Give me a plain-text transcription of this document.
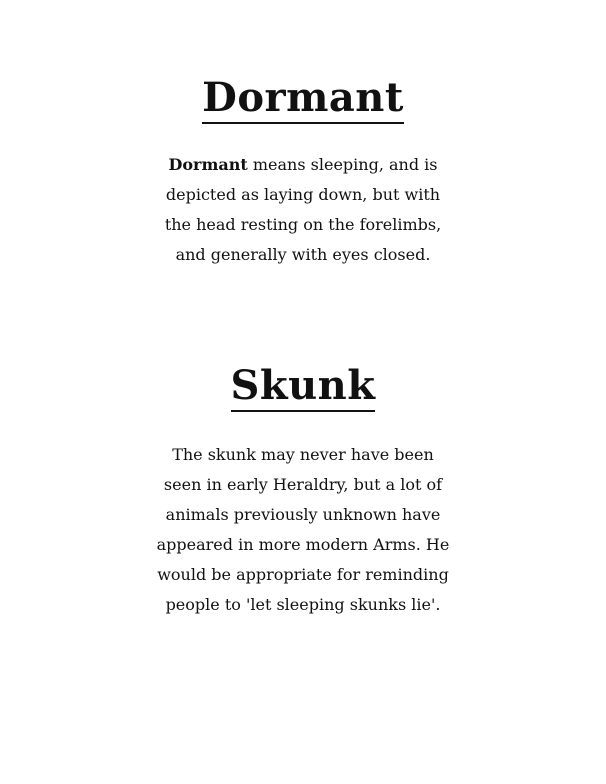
Dormant

Dormant means sleeping, and is
depicted as laying down, but with
the head resting on the forelimbs,
and generally with eyes closed.

Skunk

The skunk may never have been
seen in early Heraldry, but a lot of
animals previously unknown have
appeared in more modern Arms. He
would be appropriate for reminding
people to 'let sleeping skunks lie'.
